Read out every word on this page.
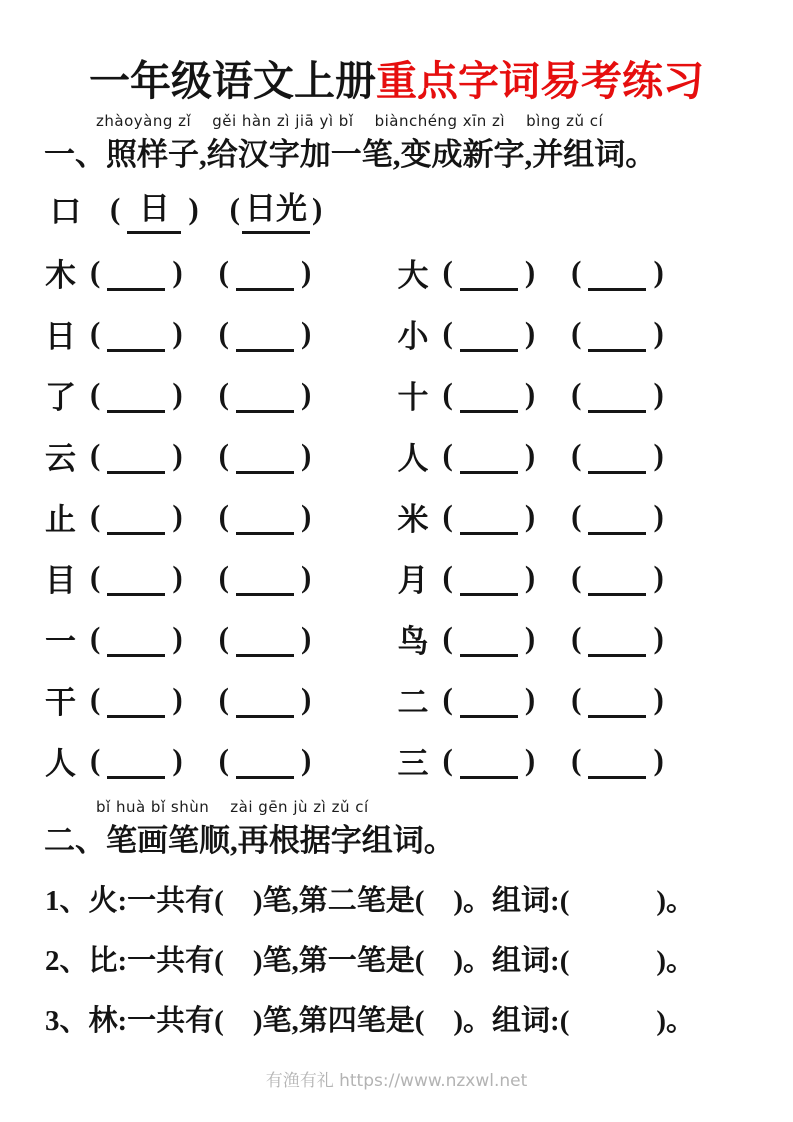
一年级语文上册重点字词易考练习
zhàoyàng zǐ    gěi hàn zì jiā yì bǐ    biànchéng xīn zì    bìng zǔ cí
一、照样子,给汉字加一笔,变成新字,并组词。
口 ( 日 ) ( 日光 )
木 ( ) ( )	大 ( ) ( )
日 ( ) ( )	小 ( ) ( )
了 ( ) ( )	十 ( ) ( )
云 ( ) ( )	人 ( ) ( )
止 ( ) ( )	米 ( ) ( )
目 ( ) ( )	月 ( ) ( )
一 ( ) ( )	鸟 ( ) ( )
干 ( ) ( )	二 ( ) ( )
人 ( ) ( )	三 ( ) ( )
bǐ huà bǐ shùn    zài gēn jù zì zǔ cí
二、笔画笔顺,再根据字组词。
1、火:一共有(    )笔,第二笔是(    )。组词:(            )。
2、比:一共有(    )笔,第一笔是(    )。组词:(            )。
3、林:一共有(    )笔,第四笔是(    )。组词:(            )。
有渔有礼 https://www.nzxwl.net
